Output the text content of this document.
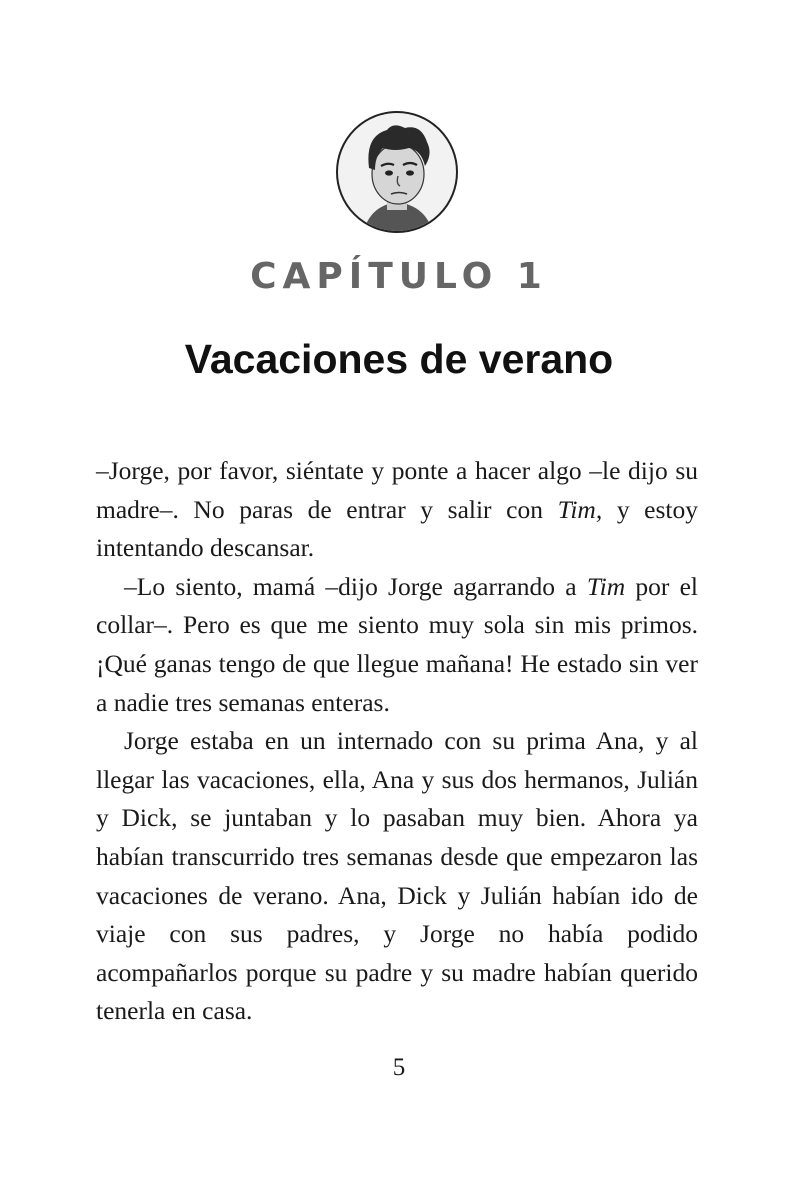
CAPÍTULO 1
Vacaciones de verano

–Jorge, por favor, siéntate y ponte a hacer algo –le dijo su madre–. No paras de entrar y salir con Tim, y estoy intentando descansar.

–Lo siento, mamá –dijo Jorge agarrando a Tim por el collar–. Pero es que me siento muy sola sin mis primos. ¡Qué ganas tengo de que llegue mañana! He estado sin ver a nadie tres semanas enteras.

Jorge estaba en un internado con su prima Ana, y al llegar las vacaciones, ella, Ana y sus dos hermanos, Julián y Dick, se juntaban y lo pasaban muy bien. Ahora ya habían transcurrido tres semanas desde que empezaron las vacaciones de verano. Ana, Dick y Julián habían ido de viaje con sus padres, y Jorge no había podido acompañarlos porque su padre y su madre habían querido tenerla en casa.

5
